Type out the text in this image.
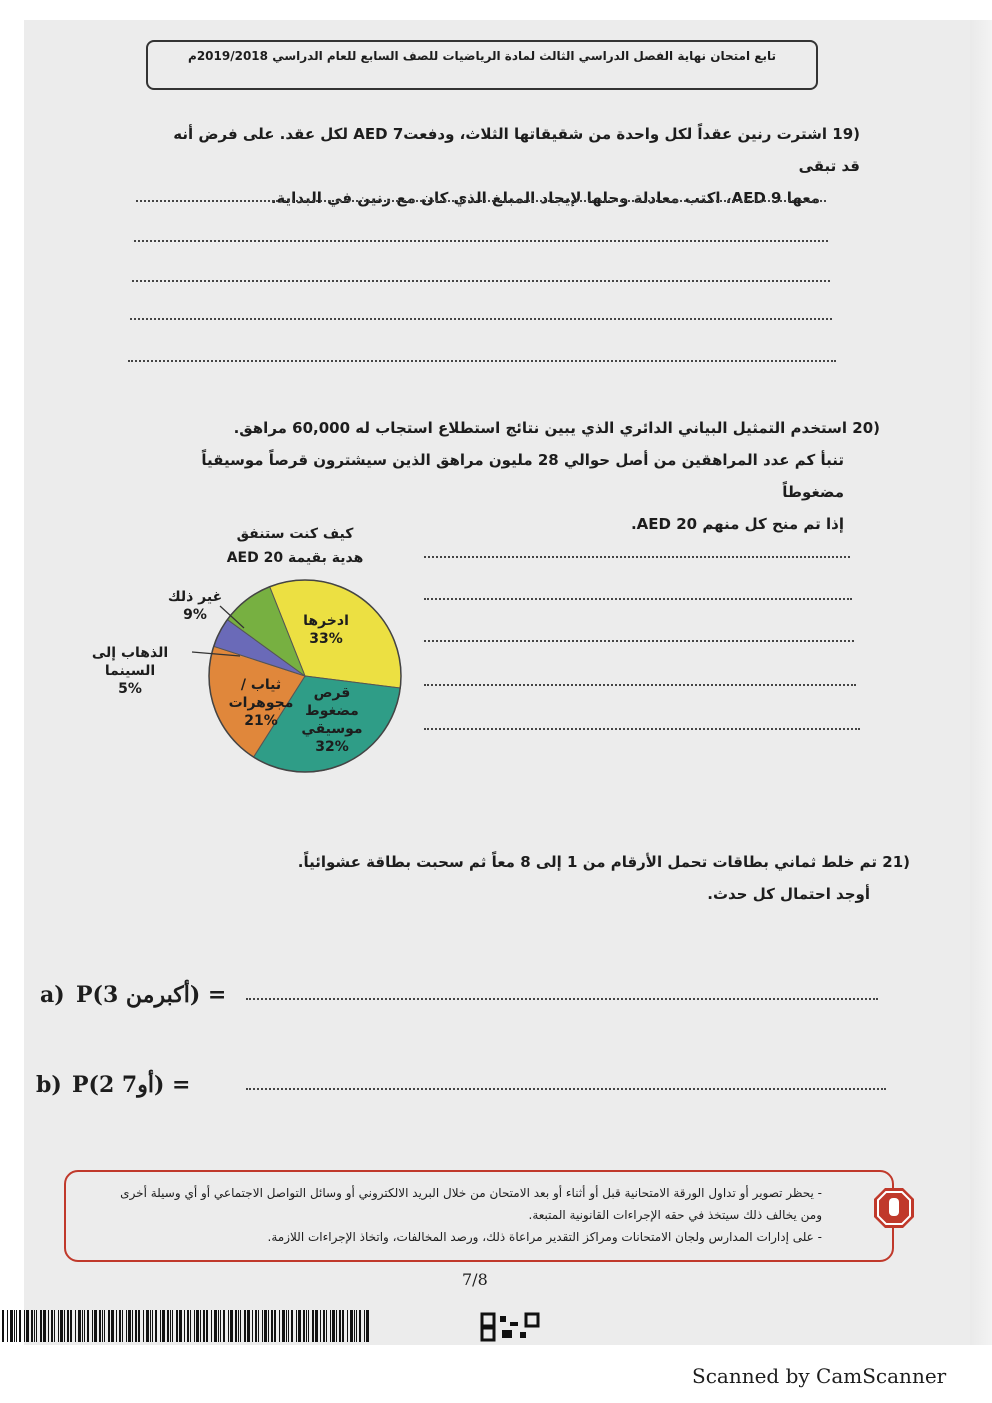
تابع امتحان نهاية الفصل الدراسي الثالث لمادة الرياضيات للصف السابع للعام الدراسي 2019/2018م
(19 اشترت رنين عقداً لكل واحدة من شقيقاتها الثلاث، ودفعت7 AED لكل عقد. على فرض أنه قد تبقى
معها 9 AED، اكتب معادلة وحلها لإيجاد المبلغ الذي كان مع رنين في البداية.
(20 استخدم التمثيل البياني الدائري الذي يبين نتائج استطلاع استجاب له 60,000 مراهق.
تنبأ كم عدد المراهقين من أصل حوالي 28 مليون مراهق الذين سيشترون قرصاً موسيقياً مضغوطاً
إذا تم منح كل منهم 20 AED.
كيف كنت ستنفق
هدية بقيمة 20 AED
ادخرها
33%
قرص مضغوط موسيقي
32%
ثياب / مجوهرات
21%
الذهاب إلى السينما
5%
غير ذلك
9%
(21 تم خلط ثماني بطاقات تحمل الأرقام من 1 إلى 8 معاً ثم سحبت بطاقة عشوائياً.
أوجد احتمال كل حدث.
a) P(3 أكبرمن) =
b) P(2 أو7) =
- يحظر تصوير أو تداول الورقة الامتحانية قبل أو أثناء أو بعد الامتحان من خلال البريد الالكتروني أو وسائل التواصل الاجتماعي أو أي وسيلة أخرى
ومن يخالف ذلك سيتخذ في حقه الإجراءات القانونية المتبعة.
- على إدارات المدارس ولجان الامتحانات ومراكز التقدير مراعاة ذلك، ورصد المخالفات، واتخاذ الإجراءات اللازمة.
7/8
Scanned by CamScanner
